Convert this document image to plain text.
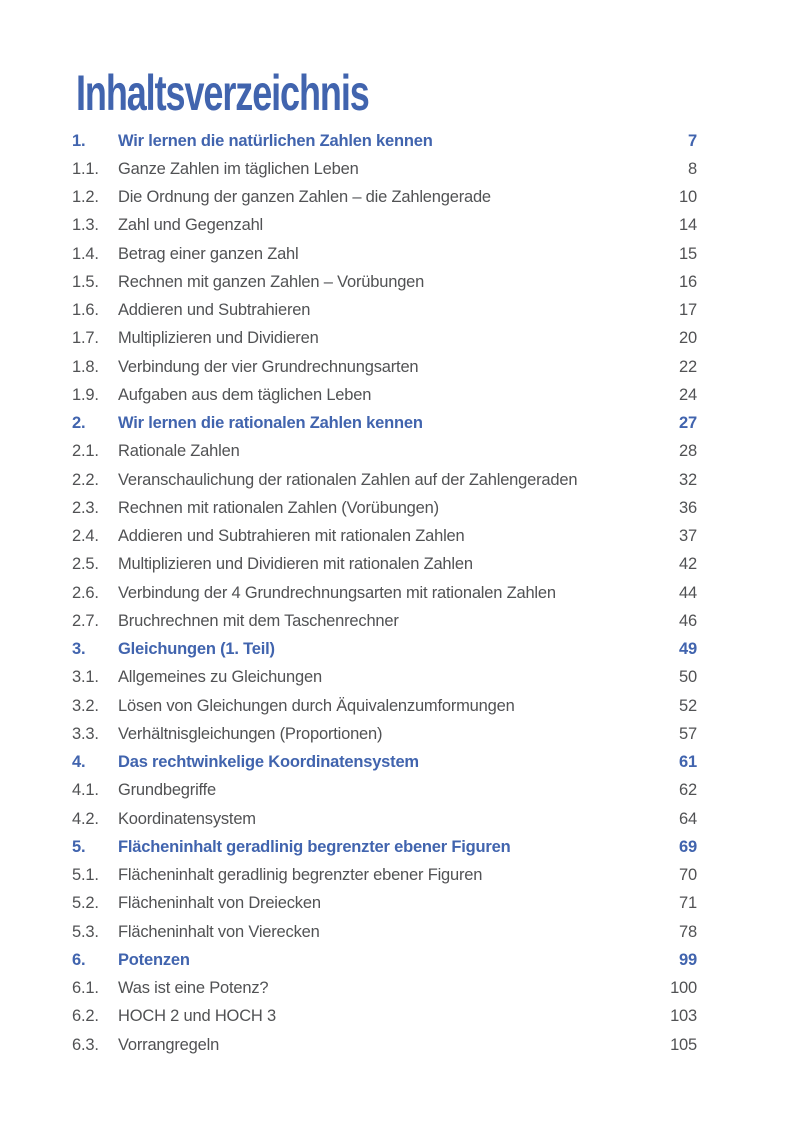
Inhaltsverzeichnis
1.	Wir lernen die natürlichen Zahlen kennen	7
1.1.	Ganze Zahlen im täglichen Leben	8
1.2.	Die Ordnung der ganzen Zahlen – die Zahlengerade	10
1.3.	Zahl und Gegenzahl	14
1.4.	Betrag einer ganzen Zahl	15
1.5.	Rechnen mit ganzen Zahlen – Vorübungen	16
1.6.	Addieren und Subtrahieren	17
1.7.	Multiplizieren und Dividieren	20
1.8.	Verbindung der vier Grundrechnungsarten	22
1.9.	Aufgaben aus dem täglichen Leben	24
2.	Wir lernen die rationalen Zahlen kennen	27
2.1.	Rationale Zahlen	28
2.2.	Veranschaulichung der rationalen Zahlen auf der Zahlengeraden	32
2.3.	Rechnen mit rationalen Zahlen (Vorübungen)	36
2.4.	Addieren und Subtrahieren mit rationalen Zahlen	37
2.5.	Multiplizieren und Dividieren mit rationalen Zahlen	42
2.6.	Verbindung der 4 Grundrechnungsarten mit rationalen Zahlen	44
2.7.	Bruchrechnen mit dem Taschenrechner	46
3.	Gleichungen (1. Teil)	49
3.1.	Allgemeines zu Gleichungen	50
3.2.	Lösen von Gleichungen durch Äquivalenzumformungen	52
3.3.	Verhältnisgleichungen (Proportionen)	57
4.	Das rechtwinkelige Koordinatensystem	61
4.1.	Grundbegriffe	62
4.2.	Koordinatensystem	64
5.	Flächeninhalt geradlinig begrenzter ebener Figuren	69
5.1.	Flächeninhalt geradlinig begrenzter ebener Figuren	70
5.2.	Flächeninhalt von Dreiecken	71
5.3.	Flächeninhalt von Vierecken	78
6.	Potenzen	99
6.1.	Was ist eine Potenz?	100
6.2.	HOCH 2 und HOCH 3	103
6.3.	Vorrangregeln	105
